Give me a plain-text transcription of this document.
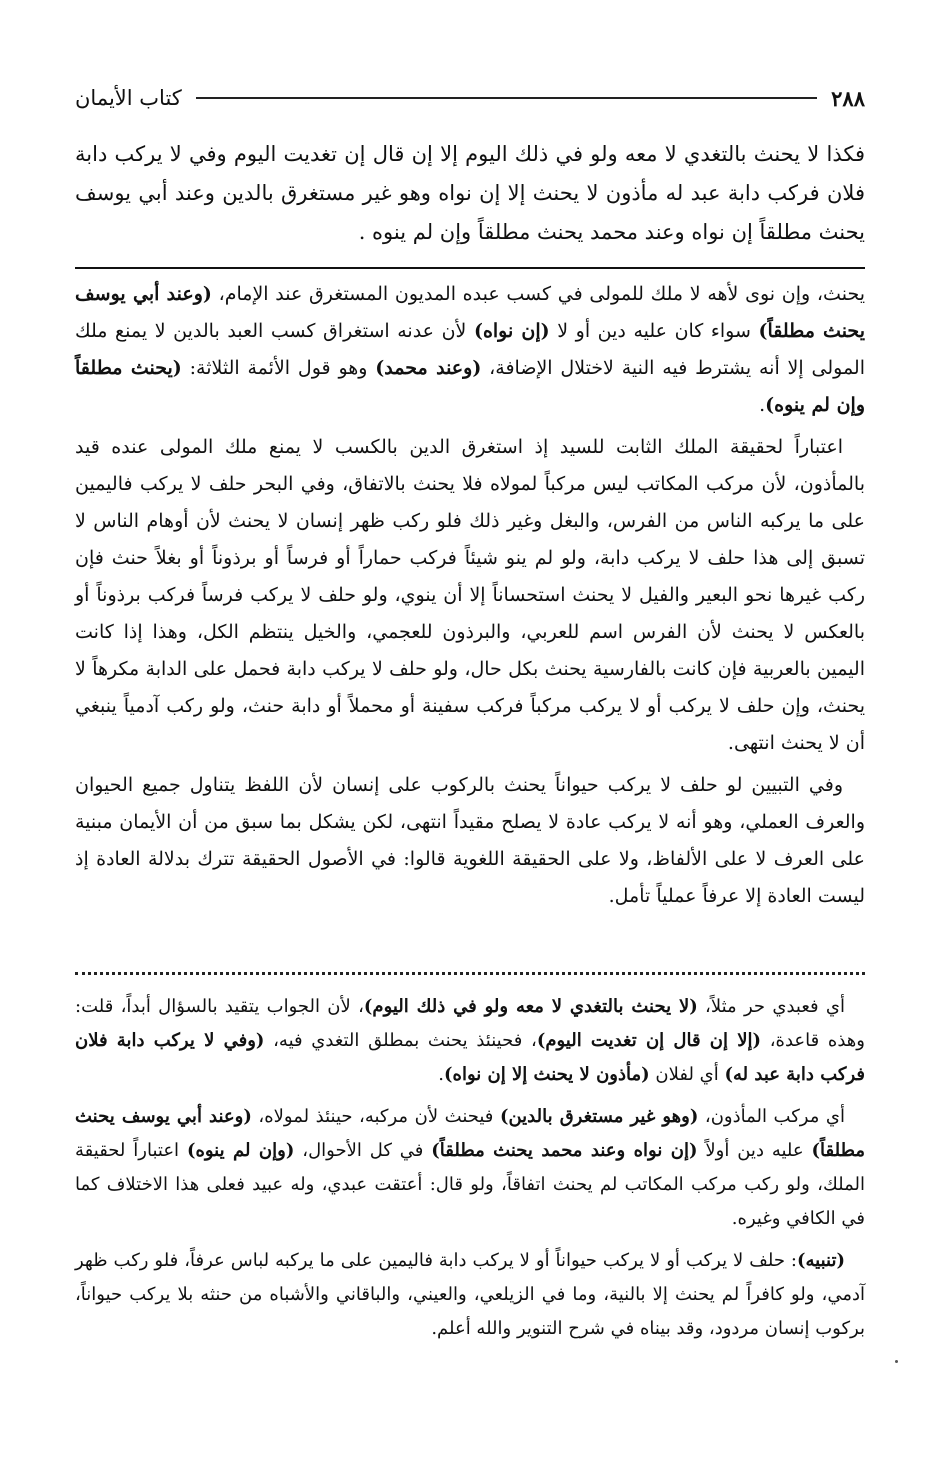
٢٨٨
كتاب الأيمان

فكذا لا يحنث بالتغدي لا معه ولو في ذلك اليوم إلا إن قال إن تغديت اليوم وفي لا يركب دابة فلان فركب دابة عبد له مأذون لا يحنث إلا إن نواه وهو غير مستغرق بالدين وعند أبي يوسف يحنث مطلقاً إن نواه وعند محمد يحنث مطلقاً وإن لم ينوه .

يحنث، وإن نوى لأهه لا ملك للمولى في كسب عبده المديون المستغرق عند الإمام، (وعند أبي يوسف يحنث مطلقاً) سواء كان عليه دين أو لا (إن نواه) لأن عدنه استغراق كسب العبد بالدين لا يمنع ملك المولى إلا أنه يشترط فيه النية لاختلال الإضافة، (وعند محمد) وهو قول الأئمة الثلاثة: (يحنث مطلقاً وإن لم ينوه).

اعتباراً لحقيقة الملك الثابت للسيد إذ استغرق الدين بالكسب لا يمنع ملك المولى عنده قيد بالمأذون، لأن مركب المكاتب ليس مركباً لمولاه فلا يحنث بالاتفاق، وفي البحر حلف لا يركب فاليمين على ما يركبه الناس من الفرس، والبغل وغير ذلك فلو ركب ظهر إنسان لا يحنث لأن أوهام الناس لا تسبق إلى هذا حلف لا يركب دابة، ولو لم ينو شيئاً فركب حماراً أو فرساً أو برذوناً أو بغلاً حنث فإن ركب غيرها نحو البعير والفيل لا يحنث استحساناً إلا أن ينوي، ولو حلف لا يركب فرساً فركب برذوناً أو بالعكس لا يحنث لأن الفرس اسم للعربي، والبرذون للعجمي، والخيل ينتظم الكل، وهذا إذا كانت اليمين بالعربية فإن كانت بالفارسية يحنث بكل حال، ولو حلف لا يركب دابة فحمل على الدابة مكرهاً لا يحنث، وإن حلف لا يركب أو لا يركب مركباً فركب سفينة أو محملاً أو دابة حنث، ولو ركب آدمياً ينبغي أن لا يحنث انتهى.

وفي التبيين لو حلف لا يركب حيواناً يحنث بالركوب على إنسان لأن اللفظ يتناول جميع الحيوان والعرف العملي، وهو أنه لا يركب عادة لا يصلح مقيداً انتهى، لكن يشكل بما سبق من أن الأيمان مبنية على العرف لا على الألفاظ، ولا على الحقيقة اللغوية قالوا: في الأصول الحقيقة تترك بدلالة العادة إذ ليست العادة إلا عرفاً عملياً تأمل.

أي فعبدي حر مثلاً، (لا يحنث بالتغدي لا معه ولو في ذلك اليوم)، لأن الجواب يتقيد بالسؤال أبداً، قلت: وهذه قاعدة، (إلا إن قال إن تغديت اليوم)، فحينئذ يحنث بمطلق التغدي فيه، (وفي لا يركب دابة فلان فركب دابة عبد له) أي لفلان (مأذون لا يحنث إلا إن نواه).

أي مركب المأذون، (وهو غير مستغرق بالدين) فيحنث لأن مركبه، حينئذ لمولاه، (وعند أبي يوسف يحنث مطلقاً) عليه دين أولاً (إن نواه وعند محمد يحنث مطلقاً) في كل الأحوال، (وإن لم ينوه) اعتباراً لحقيقة الملك، ولو ركب مركب المكاتب لم يحنث اتفاقاً، ولو قال: أعتقت عبدي، وله عبيد فعلى هذا الاختلاف كما في الكافي وغيره.

(تنبيه): حلف لا يركب أو لا يركب حيواناً أو لا يركب دابة فاليمين على ما يركبه لباس عرفاً، فلو ركب ظهر آدمي، ولو كافراً لم يحنث إلا بالنية، وما في الزيلعي، والعيني، والباقاني والأشباه من حنثه بلا يركب حيواناً، بركوب إنسان مردود، وقد بيناه في شرح التنوير والله أعلم.
